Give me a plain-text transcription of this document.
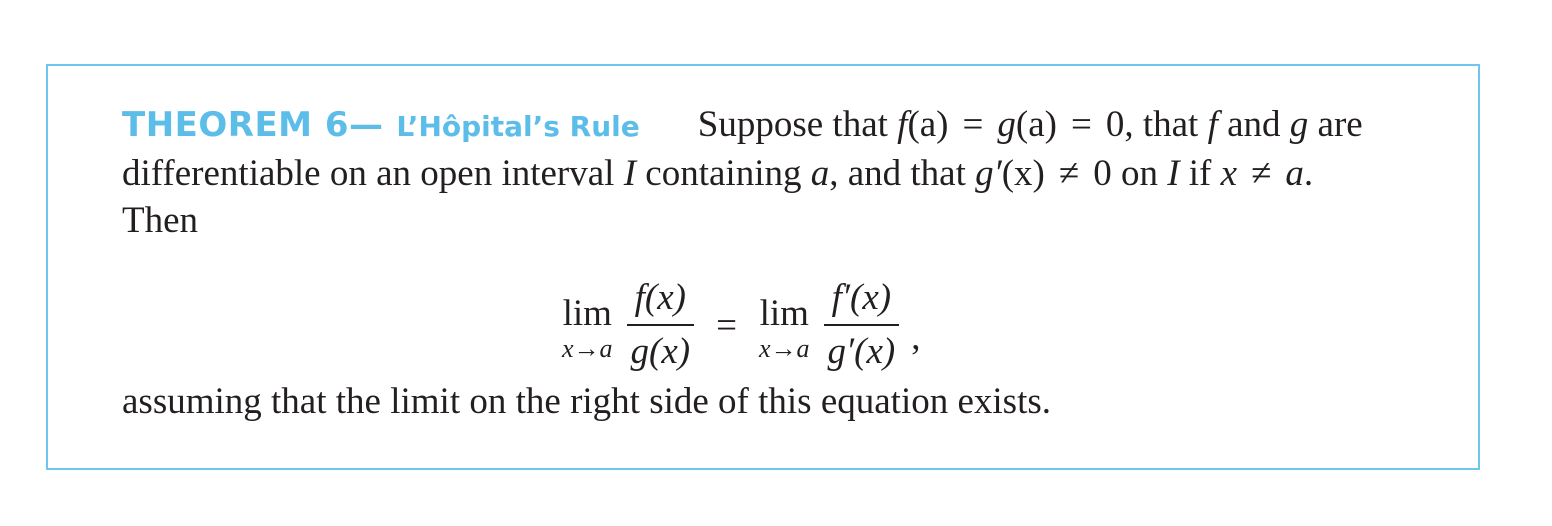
THEOREM 6— L’Hôpital’s Rule Suppose that f(a) = g(a) = 0, that f and g are
differentiable on an open interval I containing a, and that g′(x) ≠ 0 on I if x ≠ a.
Then
lim
$x\to a \frac{f(x)}{g(x)} = \lim$
$x\to a \frac{f'(x)}{g'(x)}$ ,
assuming that the limit on the right side of this equation exists.
